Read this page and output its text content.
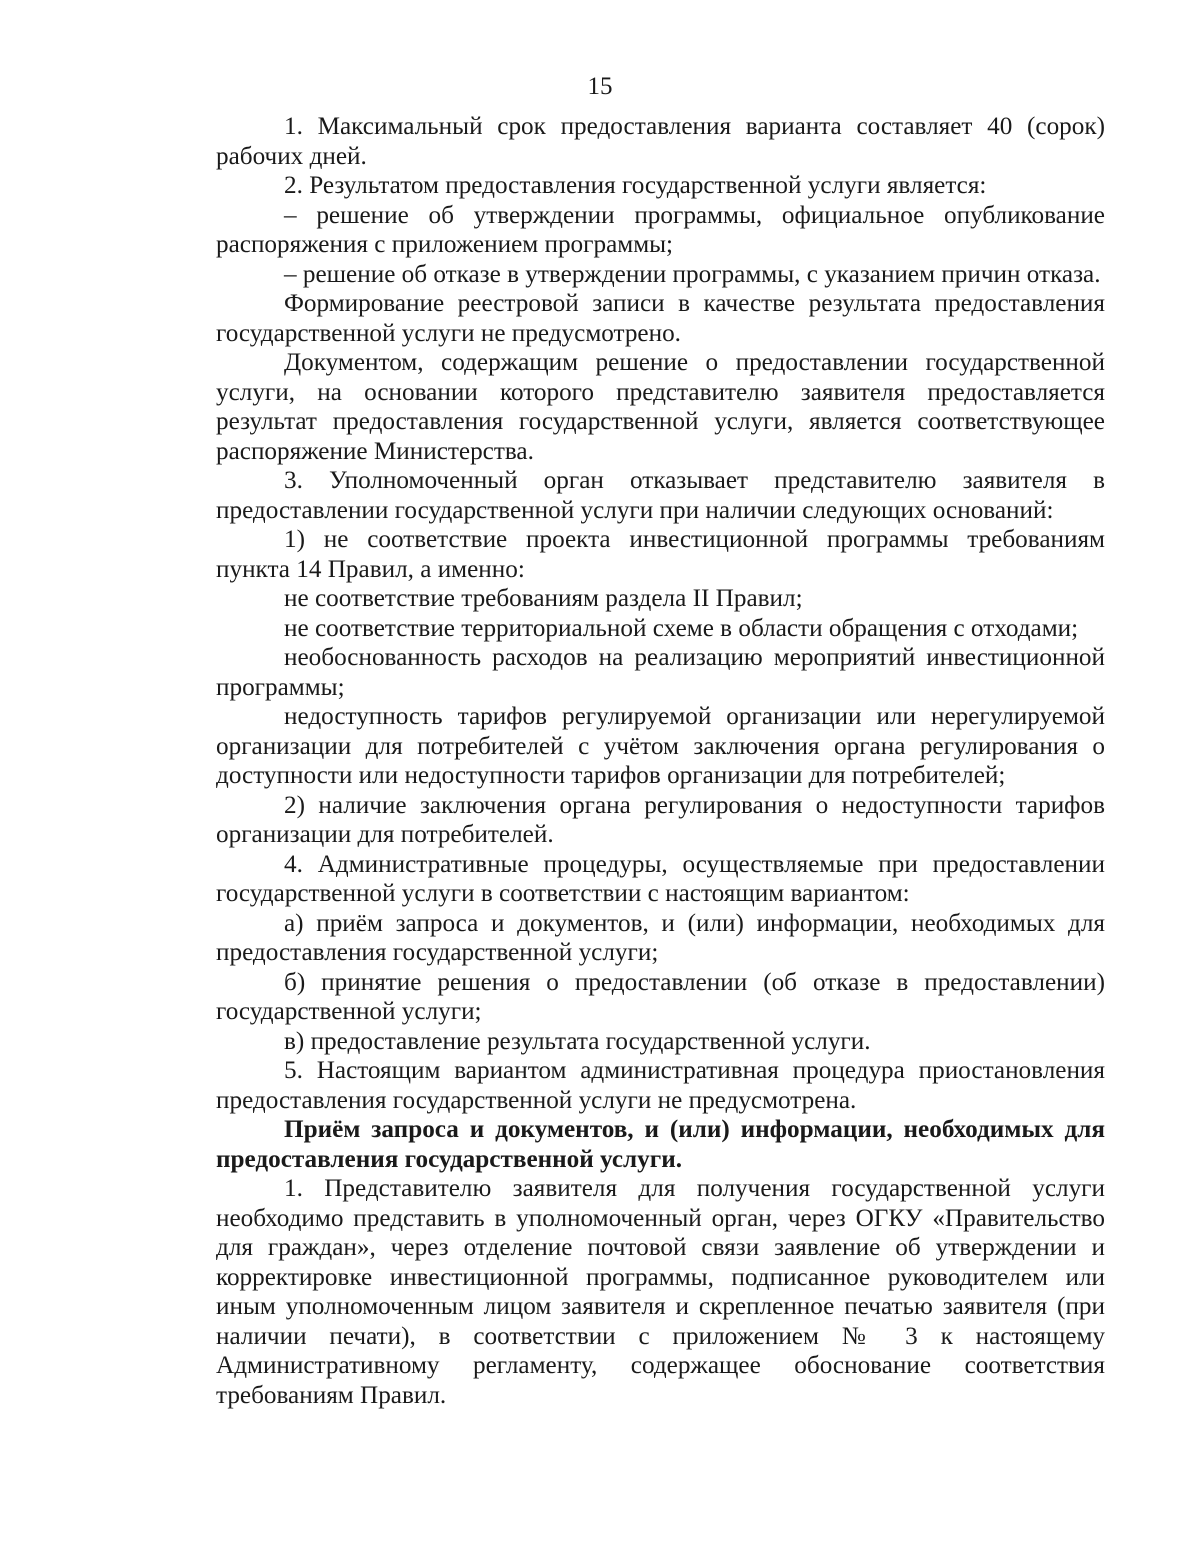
15

1. Максимальный срок предоставления варианта составляет 40 (сорок) рабочих дней.

2. Результатом предоставления государственной услуги является:

– решение об утверждении программы, официальное опубликование распоряжения с приложением программы;

– решение об отказе в утверждении программы, с указанием причин отказа.

Формирование реестровой записи в качестве результата предоставления государственной услуги не предусмотрено.

Документом, содержащим решение о предоставлении государственной услуги, на основании которого представителю заявителя предоставляется результат предоставления государственной услуги, является соответствующее распоряжение Министерства.

3. Уполномоченный орган отказывает представителю заявителя в предоставлении государственной услуги при наличии следующих оснований:

1) не соответствие проекта инвестиционной программы требованиям пункта 14 Правил, а именно:

не соответствие требованиям раздела II Правил;

не соответствие территориальной схеме в области обращения с отходами;

необоснованность расходов на реализацию мероприятий инвестиционной программы;

недоступность тарифов регулируемой организации или нерегулируемой организации для потребителей с учётом заключения органа регулирования о доступности или недоступности тарифов организации для потребителей;

2) наличие заключения органа регулирования о недоступности тарифов организации для потребителей.

4. Административные процедуры, осуществляемые при предоставлении государственной услуги в соответствии с настоящим вариантом:

а) приём запроса и документов, и (или) информации, необходимых для предоставления государственной услуги;

б) принятие решения о предоставлении (об отказе в предоставлении) государственной услуги;

в) предоставление результата государственной услуги.

5. Настоящим вариантом административная процедура приостановления предоставления государственной услуги не предусмотрена.

Приём запроса и документов, и (или) информации, необходимых для предоставления государственной услуги.

1. Представителю заявителя для получения государственной услуги необходимо представить в уполномоченный орган, через ОГКУ «Правительство для граждан», через отделение почтовой связи заявление об утверждении и корректировке инвестиционной программы, подписанное руководителем или иным уполномоченным лицом заявителя и скрепленное печатью заявителя (при наличии печати), в соответствии с приложением № 3 к настоящему Административному регламенту, содержащее обоснование соответствия требованиям Правил.
